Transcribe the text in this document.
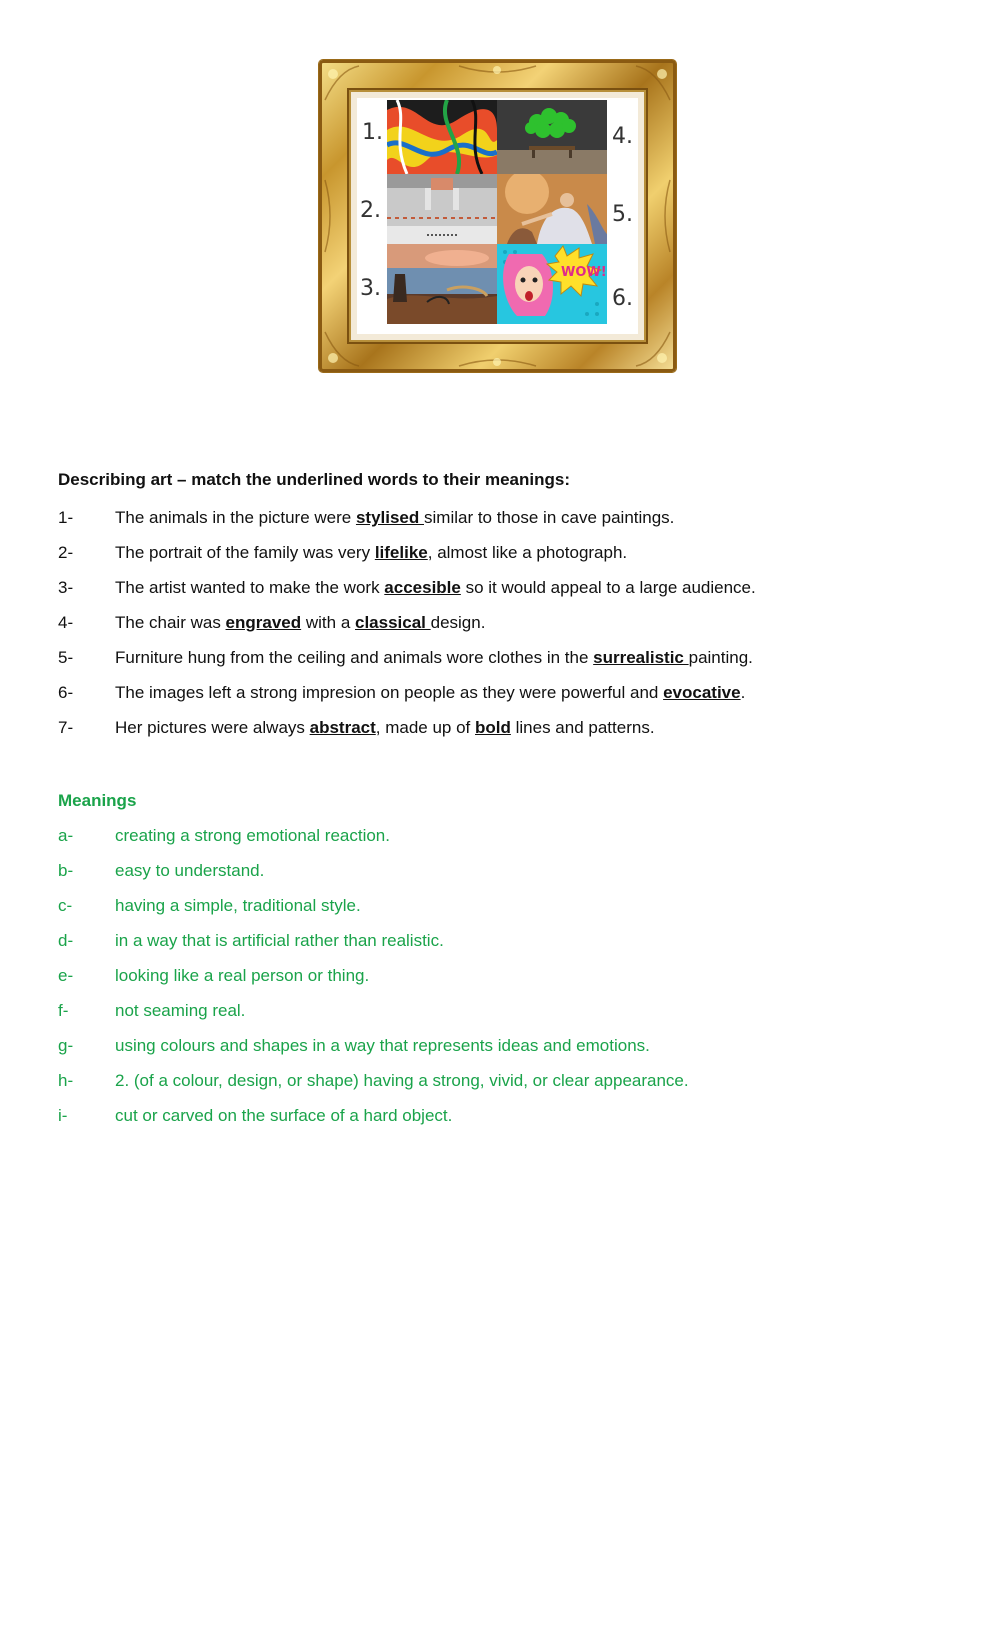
1.
2.
3.
4.
5.
6.
WOW!
Describing art – match the underlined words to their meanings:
1- The animals in the picture were stylised similar to those in cave paintings.
2- The portrait of the family was very lifelike, almost like a photograph.
3- The artist wanted to make the work accesible so it would appeal to a large audience.
4- The chair was engraved with a classical design.
5- Furniture hung from the ceiling and animals wore clothes in the surrealistic painting.
6- The images left a strong impresion on people as they were powerful and evocative.
7- Her pictures were always abstract, made up of bold lines and patterns.
Meanings
a- creating a strong emotional reaction.
b- easy to understand.
c-	having a simple, traditional style.
d- in a way that is artificial rather than realistic.
e- looking like a real person or thing.
f-	not seaming real.
g- using colours and shapes in a way that represents ideas and emotions.
h- 2. (of a colour, design, or shape) having a strong, vivid, or clear appearance.
i-	cut or carved on the surface of a hard object.
